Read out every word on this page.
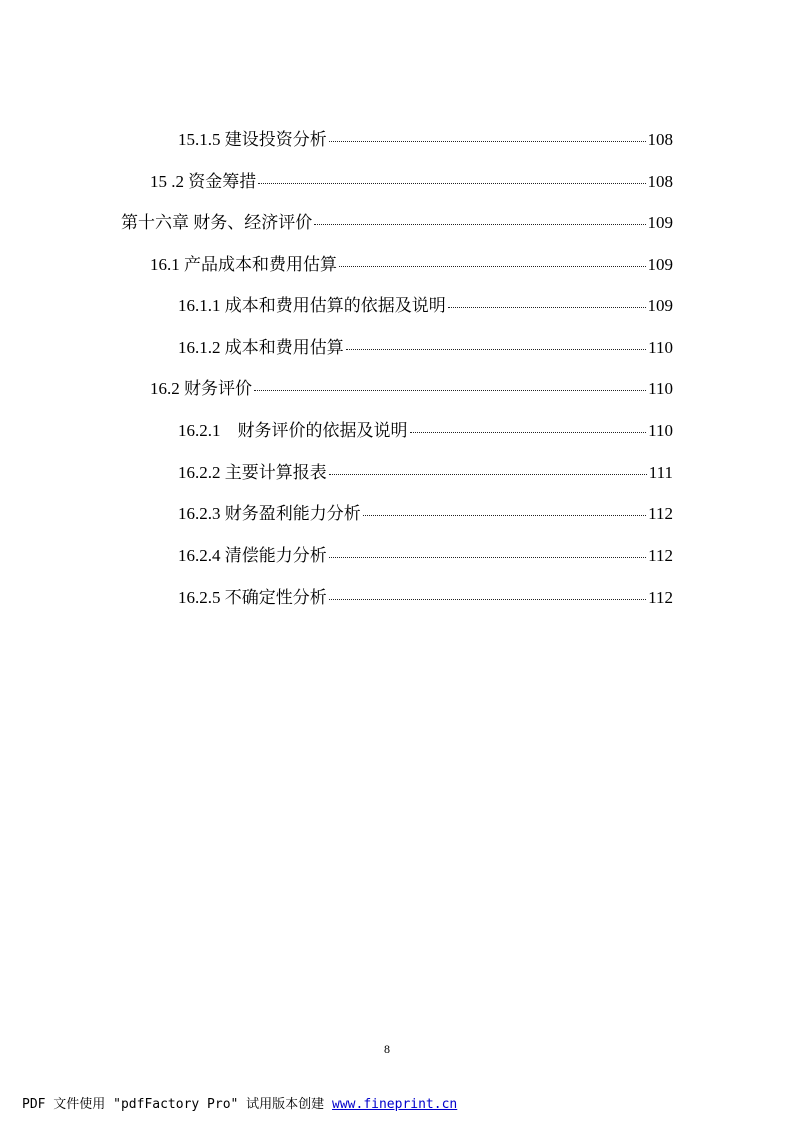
15.1.5 建设投资分析	108
15 .2 资金筹措	108
第十六章 财务、经济评价	109
16.1 产品成本和费用估算	109
16.1.1 成本和费用估算的依据及说明	109
16.1.2 成本和费用估算	110
16.2 财务评价	110
16.2.1    财务评价的依据及说明	110
16.2.2 主要计算报表	111
16.2.3 财务盈利能力分析	112
16.2.4 清偿能力分析	112
16.2.5 不确定性分析	112
8
PDF 文件使用 "pdfFactory Pro" 试用版本创建 www.fineprint.cn
